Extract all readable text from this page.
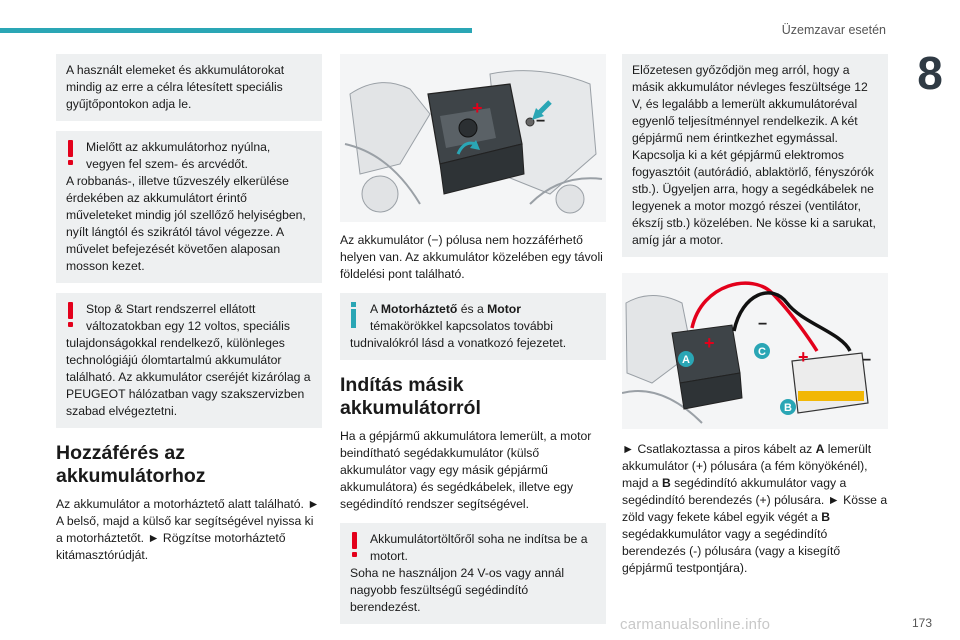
Üzemzavar esetén
8
A használt elemeket és akkumulátorokat
mindig az erre a célra létesített speciális
gyűjtőpontokon adja le.
Mielőtt az akkumulátorhoz nyúlna,
vegyen fel szem- és arcvédőt.
A robbanás-, illetve tűzveszély elkerülése érdekében az akkumulátort érintő műveleteket mindig jól szellőző helyiségben, nyílt lángtól és szikrától távol végezze. A művelet befejezését követően alaposan mosson kezet.
Stop & Start rendszerrel ellátott
változatokban egy 12 voltos, speciális
tulajdonságokkal rendelkező, különleges technológiájú ólomtartalmú akkumulátor található. Az akkumulátor cseréjét kizárólag a PEUGEOT hálózatban vagy szakszervizben szabad elvégeztetni.
Hozzáférés az
akkumulátorhoz
Az akkumulátor a motorháztető alatt található. ► A belső, majd a külső kar segítségével nyissa ki a motorháztetőt. ► Rögzítse motorháztető kitámasztórúdját.
+
−
Az akkumulátor (−) pólusa nem hozzáférhető helyen van. Az akkumulátor közelében egy távoli földelési pont található.
A Motorháztető és a Motor
témakörökkel kapcsolatos további
tudnivalókról lásd a vonatkozó fejezetet.
Indítás másik
akkumulátorról
Ha a gépjármű akkumulátora lemerült, a motor beindítható segédakkumulátor (külső akkumulátor vagy egy másik gépjármű akkumulátora) és segédkábelek, illetve egy segédindító rendszer segítségével.
Akkumulátortöltőről soha ne indítsa be a
motort.
Soha ne használjon 24 V-os vagy annál nagyobb feszültségű segédindító berendezést.
Előzetesen győződjön meg arról, hogy a másik akkumulátor névleges feszültsége 12 V, és legalább a lemerült akkumulátoréval egyenlő teljesítménnyel rendelkezik. A két gépjármű nem érintkezhet egymással. Kapcsolja ki a két gépjármű elektromos fogyasztóit (autórádió, ablaktörlő, fényszórók stb.). Ügyeljen arra, hogy a segédkábelek ne legyenek a motor mozgó részei (ventilátor, ékszíj stb.) közelében. Ne kösse ki a sarukat, amíg jár a motor.
A
C
B
+
+
−
−
► Csatlakoztassa a piros kábelt az A lemerült akkumulátor (+) pólusára (a fém könyökénél), majd a B segédindító akkumulátor vagy a segédindító berendezés (+) pólusára. ► Kösse a zöld vagy fekete kábel egyik végét a B segédakkumulátor vagy a segédindító berendezés (-) pólusára (vagy a kisegítő gépjármű testpontjára).
carmanualsonline.info	173
